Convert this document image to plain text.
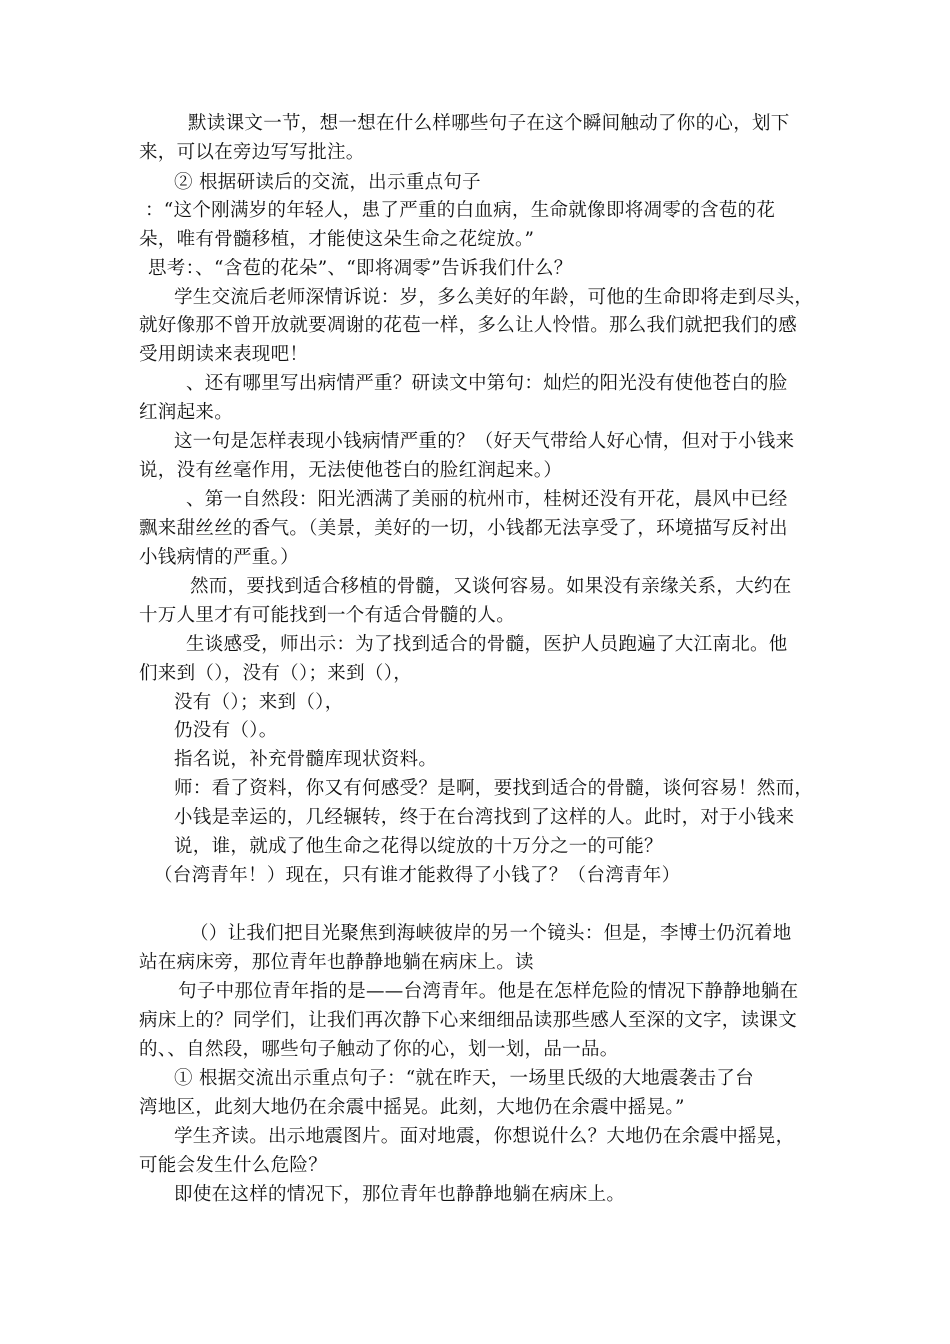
默读课文一节，想一想在什么样哪些句子在这个瞬间触动了你的心，划下
来，可以在旁边写写批注。
② 根据研读后的交流，出示重点句子
：“这个刚满岁的年轻人，患了严重的白血病，生命就像即将凋零的含苞的花
朵，唯有骨髓移植，才能使这朵生命之花绽放。”
思考：、“含苞的花朵”、“即将凋零”告诉我们什么？
学生交流后老师深情诉说：岁，多么美好的年龄，可他的生命即将走到尽头，
就好像那不曾开放就要凋谢的花苞一样，多么让人怜惜。那么我们就把我们的感
受用朗读来表现吧！
、还有哪里写出病情严重？研读文中第句：灿烂的阳光没有使他苍白的脸
红润起来。
这一句是怎样表现小钱病情严重的？（好天气带给人好心情，但对于小钱来
说，没有丝毫作用，无法使他苍白的脸红润起来。）
、第一自然段：阳光洒满了美丽的杭州市，桂树还没有开花，晨风中已经
飘来甜丝丝的香气。（美景，美好的一切，小钱都无法享受了，环境描写反衬出
小钱病情的严重。）
然而，要找到适合移植的骨髓，又谈何容易。如果没有亲缘关系，大约在
十万人里才有可能找到一个有适合骨髓的人。
生谈感受，师出示：为了找到适合的骨髓，医护人员跑遍了大江南北。他
们来到（），没有（）；来到（），
没有（）；来到（），
仍没有（）。
指名说，补充骨髓库现状资料。
师：看了资料，你又有何感受？是啊，要找到适合的骨髓，谈何容易！然而，
小钱是幸运的，几经辗转，终于在台湾找到了这样的人。此时，对于小钱来
说，谁，就成了他生命之花得以绽放的十万分之一的可能？
（台湾青年！）现在，只有谁才能救得了小钱了？（台湾青年）
（）让我们把目光聚焦到海峡彼岸的另一个镜头：但是，李博士仍沉着地
站在病床旁，那位青年也静静地躺在病床上。读
句子中那位青年指的是——台湾青年。他是在怎样危险的情况下静静地躺在
病床上的？同学们，让我们再次静下心来细细品读那些感人至深的文字，读课文
的、、自然段，哪些句子触动了你的心，划一划，品一品。
① 根据交流出示重点句子：“就在昨天，一场里氏级的大地震袭击了台
湾地区，此刻大地仍在余震中摇晃。此刻，大地仍在余震中摇晃。”
学生齐读。出示地震图片。面对地震，你想说什么？大地仍在余震中摇晃，
可能会发生什么危险？
即使在这样的情况下，那位青年也静静地躺在病床上。
